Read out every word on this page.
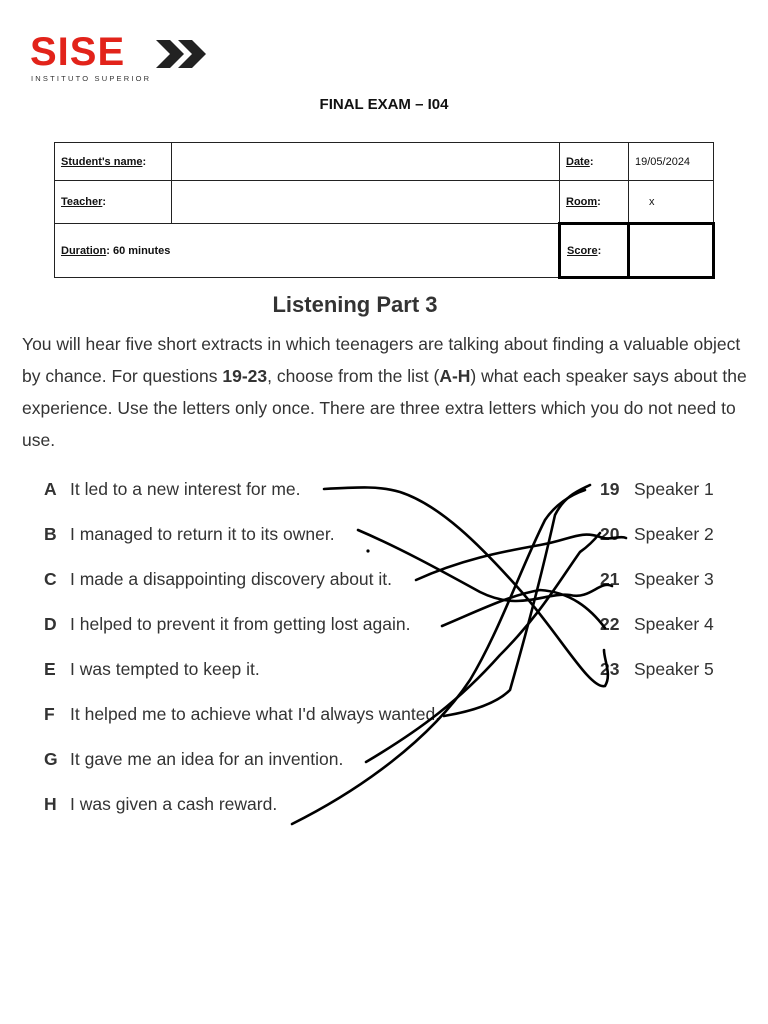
SISE
INSTITUTO SUPERIOR
FINAL EXAM – I04
Student's name:		Date:	19/05/2024
Teacher:		Room:	x
Duration: 60 minutes		Score:	
Listening Part 3
You will hear five short extracts in which teenagers are talking about finding a valuable object by chance. For questions 19-23, choose from the list (A-H) what each speaker says about the experience. Use the letters only once. There are three extra letters which you do not need to use.
A It led to a new interest for me.
B I managed to return it to its owner.
C I made a disappointing discovery about it.
D I helped to prevent it from getting lost again.
E I was tempted to keep it.
F It helped me to achieve what I'd always wanted.
G It gave me an idea for an invention.
H I was given a cash reward.
19 Speaker 1
20 Speaker 2
21 Speaker 3
22 Speaker 4
23 Speaker 5
